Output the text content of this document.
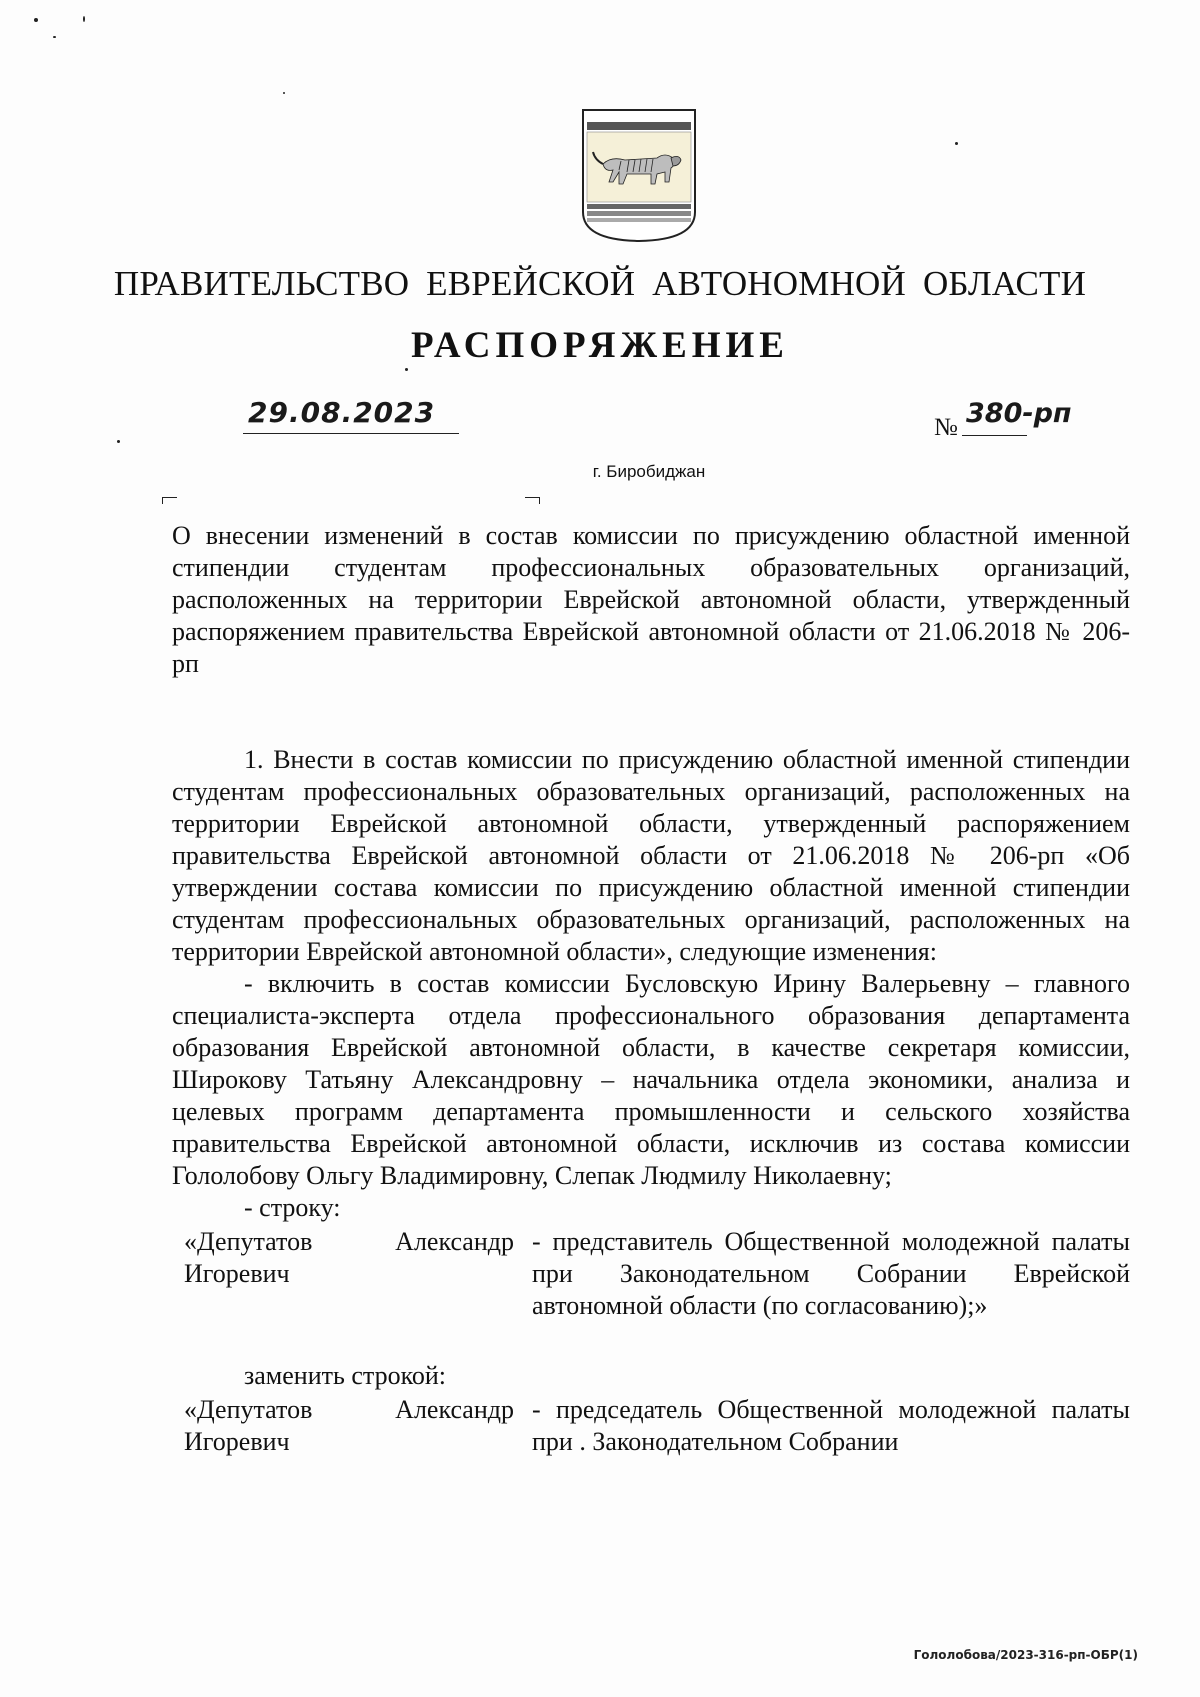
ПРАВИТЕЛЬСТВО ЕВРЕЙСКОЙ АВТОНОМНОЙ ОБЛАСТИ
РАСПОРЯЖЕНИЕ
29.08.2023	№ 380-рп
г. Биробиджан

О внесении изменений в состав комиссии по присуждению областной именной стипендии студентам профессиональных образовательных организаций, расположенных на территории Еврейской автономной области, утвержденный распоряжением правительства Еврейской автономной области от 21.06.2018 № 206-рп

1. Внести в состав комиссии по присуждению областной именной стипендии студентам профессиональных образовательных организаций, расположенных на территории Еврейской автономной области, утвержденный распоряжением правительства Еврейской автономной области от 21.06.2018 № 206-рп «Об утверждении состава комиссии по присуждению областной именной стипендии студентам профессиональных образовательных организаций, расположенных на территории Еврейской автономной области», следующие изменения:

- включить в состав комиссии Бусловскую Ирину Валерьевну – главного специалиста-эксперта отдела профессионального образования департамента образования Еврейской автономной области, в качестве секретаря комиссии, Широкову Татьяну Александровну – начальника отдела экономики, анализа и целевых программ департамента промышленности и сельского хозяйства правительства Еврейской автономной области, исключив из состава комиссии Гололобову Ольгу Владимировну, Слепак Людмилу Николаевну;

- строку:

«Депутатов Александр Игоревич
- представитель Общественной молодежной палаты при Законодательном Собрании Еврейской автономной области (по согласованию);»

заменить строкой:

«Депутатов Александр Игоревич
- председатель Общественной молодежной палаты при . Законодательном Собрании
Гололобова/2023-316-рп-ОБР(1)
